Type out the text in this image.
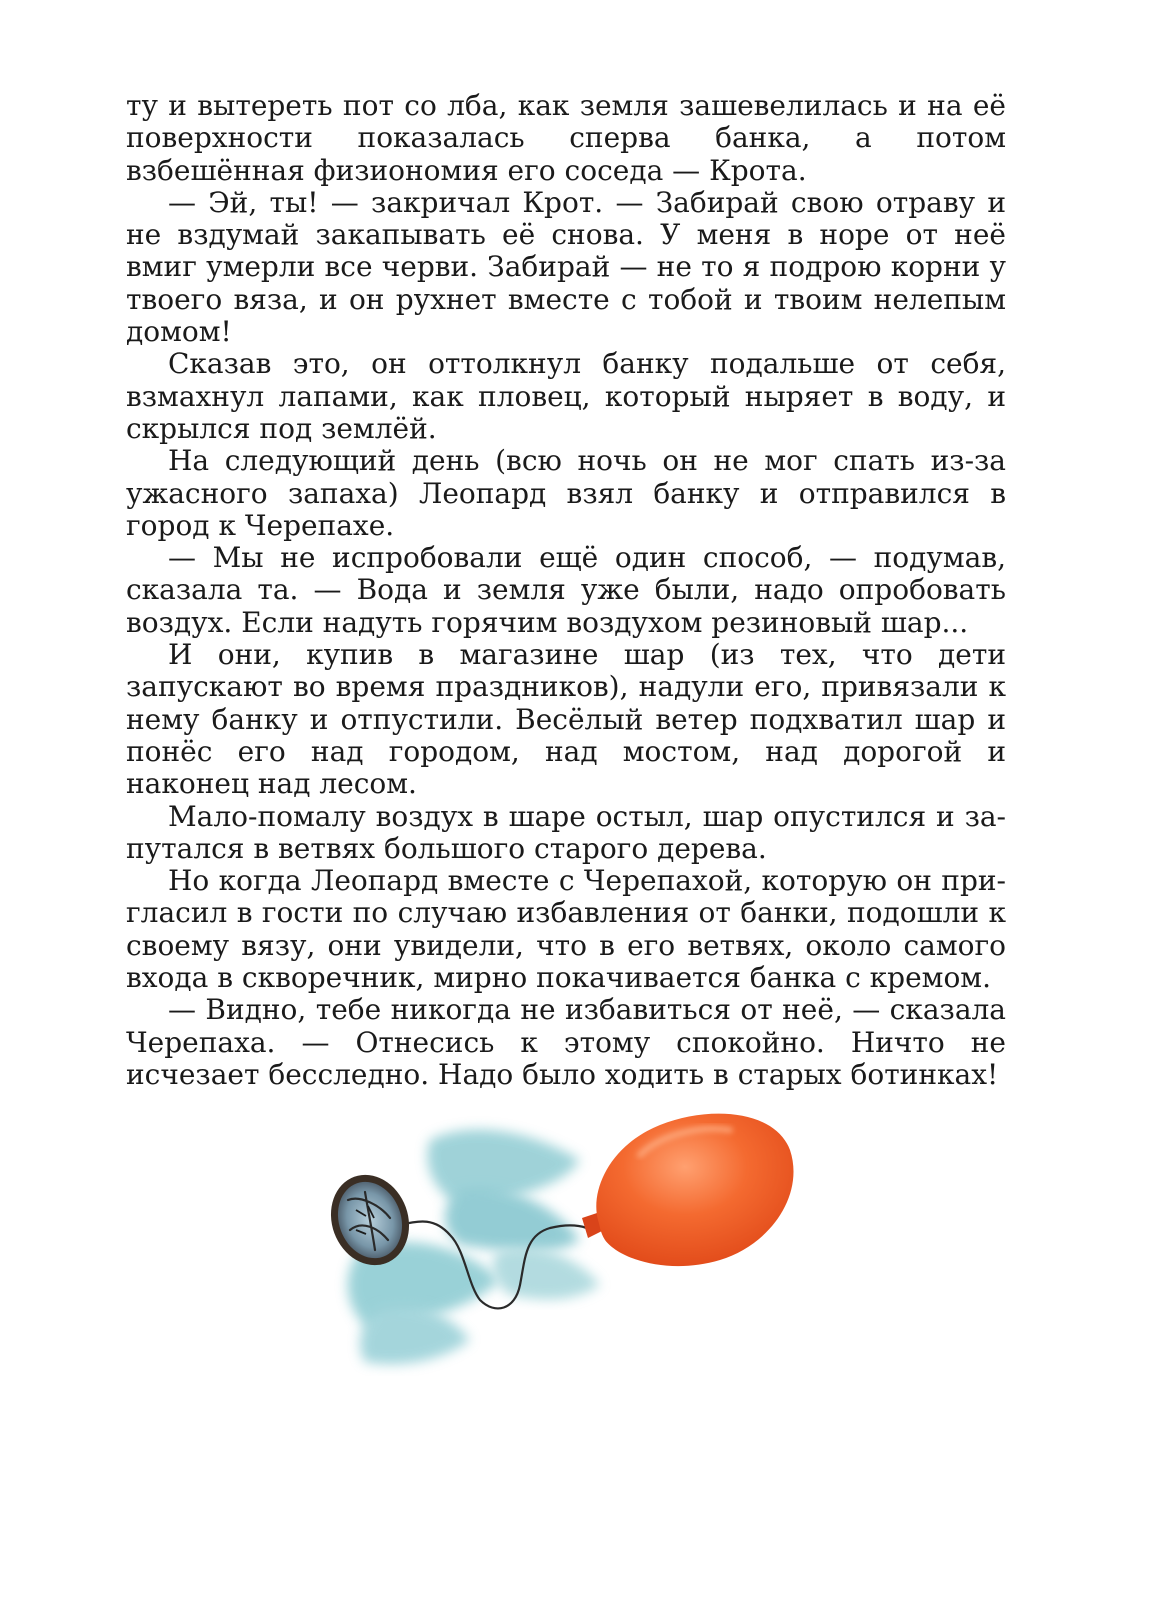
ту и вытереть пот со лба, как земля зашевелилась и на её поверхности показалась сперва банка, а потом взбешённая физиономия его соседа — Крота.

— Эй, ты! — закричал Крот. — Забирай свою отраву и не вздумай закапывать её снова. У меня в норе от неё вмиг умерли все черви. Забирай — не то я подрою корни у твоего вяза, и он рухнет вместе с тобой и твоим нелепым домом!

Сказав это, он оттолкнул банку подальше от себя, взмахнул лапами, как пловец, который ныряет в воду, и скрылся под землёй.

На следующий день (всю ночь он не мог спать из-за ужасного запаха) Леопард взял банку и отправился в город к Черепахе.

— Мы не испробовали ещё один способ, — подумав, сказала та. — Вода и земля уже были, надо опробовать воздух. Если надуть горячим воздухом резиновый шар...

И они, купив в магазине шар (из тех, что дети запускают во время праздников), надули его, привязали к нему банку и отпустили. Весёлый ветер подхватил шар и понёс его над городом, над мостом, над дорогой и наконец над лесом.

Мало-помалу воздух в шаре остыл, шар опустился и запутался в ветвях большого старого дерева.

Но когда Леопард вместе с Черепахой, которую он пригласил в гости по случаю избавления от банки, подошли к своему вязу, они увидели, что в его ветвях, около самого входа в скворечник, мирно покачивается банка с кремом.

— Видно, тебе никогда не избавиться от неё, — сказала Черепаха. — Отнесись к этому спокойно. Ничто не исчезает бесследно. Надо было ходить в старых ботинках!
